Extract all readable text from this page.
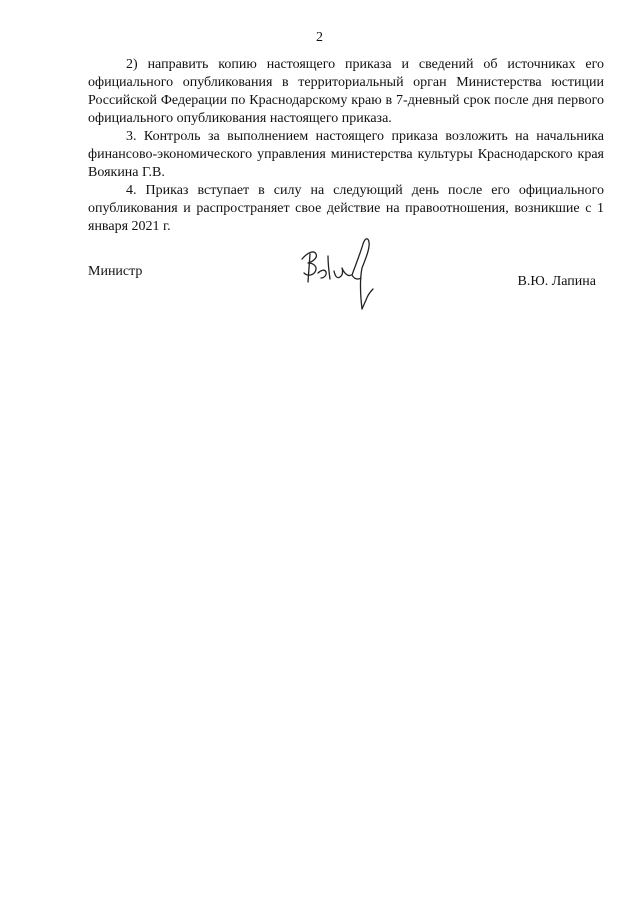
2

2) направить копию настоящего приказа и сведений об источниках его официального опубликования в территориальный орган Министерства юстиции Российской Федерации по Краснодарскому краю в 7-дневный срок после дня первого официального опубликования настоящего приказа.

3. Контроль за выполнением настоящего приказа возложить на начальника финансово-экономического управления министерства культуры Краснодарского края Воякина Г.В.

4. Приказ вступает в силу на следующий день после его официального опубликования и распространяет свое действие на правоотношения, возникшие с 1 января 2021 г.

Министр
В.Ю. Лапина
